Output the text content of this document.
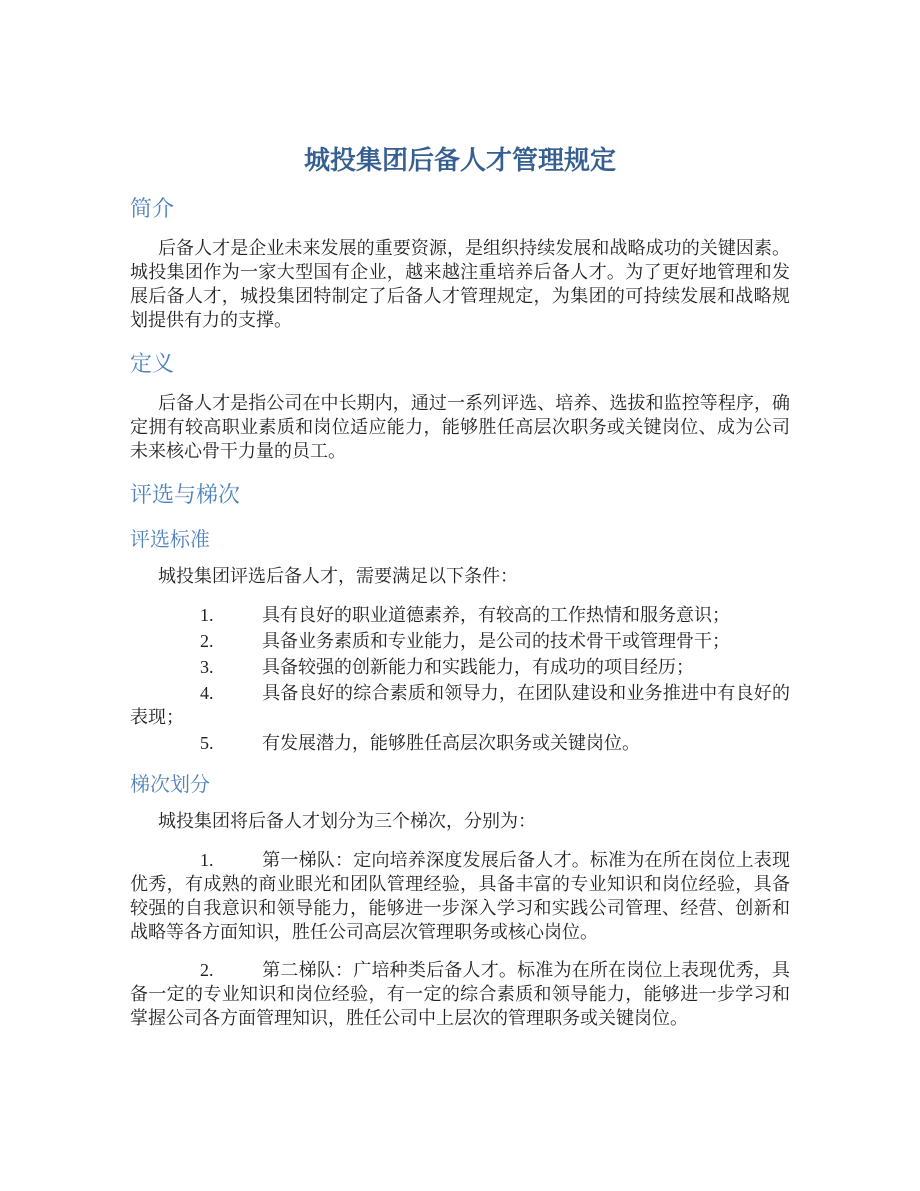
城投集团后备人才管理规定
简介

后备人才是企业未来发展的重要资源，是组织持续发展和战略成功的关键因素。城投集团作为一家大型国有企业，越来越注重培养后备人才。为了更好地管理和发展后备人才，城投集团特制定了后备人才管理规定，为集团的可持续发展和战略规划提供有力的支撑。

定义

后备人才是指公司在中长期内，通过一系列评选、培养、选拔和监控等程序，确定拥有较高职业素质和岗位适应能力，能够胜任高层次职务或关键岗位、成为公司未来核心骨干力量的员工。

评选与梯次
评选标准

城投集团评选后备人才，需要满足以下条件：

1.	具有良好的职业道德素养，有较高的工作热情和服务意识；
2.	具备业务素质和专业能力，是公司的技术骨干或管理骨干；
3.	具备较强的创新能力和实践能力，有成功的项目经历；
4.	具备良好的综合素质和领导力，在团队建设和业务推进中有良好的表现；
5.	有发展潜力，能够胜任高层次职务或关键岗位。
梯次划分

城投集团将后备人才划分为三个梯次，分别为：

1.	第一梯队：定向培养深度发展后备人才。标准为在所在岗位上表现优秀，有成熟的商业眼光和团队管理经验，具备丰富的专业知识和岗位经验，具备较强的自我意识和领导能力，能够进一步深入学习和实践公司管理、经营、创新和战略等各方面知识，胜任公司高层次管理职务或核心岗位。
2.	第二梯队：广培种类后备人才。标准为在所在岗位上表现优秀，具备一定的专业知识和岗位经验，有一定的综合素质和领导能力，能够进一步学习和掌握公司各方面管理知识，胜任公司中上层次的管理职务或关键岗位。
